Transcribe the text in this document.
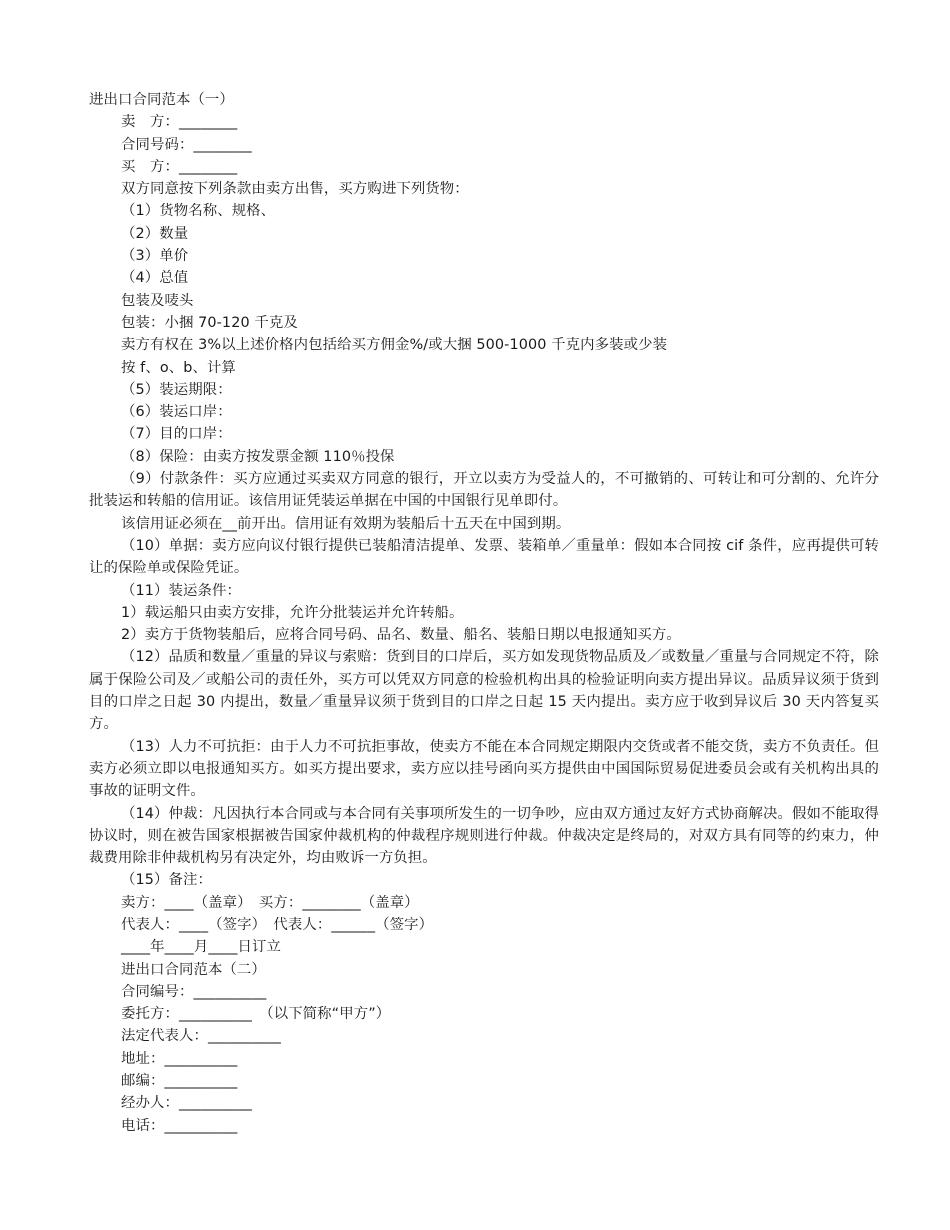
进出口合同范本（一）

卖　方：________

合同号码：________

买　方：________

双方同意按下列条款由卖方出售，买方购进下列货物：

（1）货物名称、规格、

（2）数量

（3）单价

（4）总值

包装及唛头

包装：小捆 70-120 千克及

卖方有权在 3%以上述价格内包括给买方佣金%/或大捆 500-1000 千克内多装或少装

按 f、o、b、计算

（5）装运期限：

（6）装运口岸：

（7）目的口岸：

（8）保险：由卖方按发票金额 110％投保

（9）付款条件：买方应通过买卖双方同意的银行，开立以卖方为受益人的，不可撤销的、可转让和可分割的、允许分批装运和转船的信用证。该信用证凭装运单据在中国的中国银行见单即付。

该信用证必须在__前开出。信用证有效期为装船后十五天在中国到期。

（10）单据：卖方应向议付银行提供已装船清洁提单、发票、装箱单／重量单：假如本合同按 cif 条件，应再提供可转让的保险单或保险凭证。

（11）装运条件：

1）载运船只由卖方安排，允许分批装运并允许转船。

2）卖方于货物装船后，应将合同号码、品名、数量、船名、装船日期以电报通知买方。

（12）品质和数量／重量的异议与索赔：货到目的口岸后，买方如发现货物品质及／或数量／重量与合同规定不符，除属于保险公司及／或船公司的责任外，买方可以凭双方同意的检验机构出具的检验证明向卖方提出异议。品质异议须于货到目的口岸之日起 30 内提出，数量／重量异议须于货到目的口岸之日起 15 天内提出。卖方应于收到异议后 30 天内答复买方。

（13）人力不可抗拒：由于人力不可抗拒事故，使卖方不能在本合同规定期限内交货或者不能交货，卖方不负责任。但卖方必须立即以电报通知买方。如买方提出要求，卖方应以挂号函向买方提供由中国国际贸易促进委员会或有关机构出具的事故的证明文件。

（14）仲裁：凡因执行本合同或与本合同有关事项所发生的一切争吵，应由双方通过友好方式协商解决。假如不能取得协议时，则在被告国家根据被告国家仲裁机构的仲裁程序规则进行仲裁。仲裁决定是终局的，对双方具有同等的约束力，仲裁费用除非仲裁机构另有决定外，均由败诉一方负担。

（15）备注：

卖方：____（盖章）　买方：________（盖章）

代表人：____（签字）　代表人：______（签字）

____年____月____日订立

进出口合同范本（二）

合同编号：__________

委托方：__________　（以下简称“甲方”）

法定代表人：__________

地址：__________

邮编：__________

经办人：__________

电话：__________
